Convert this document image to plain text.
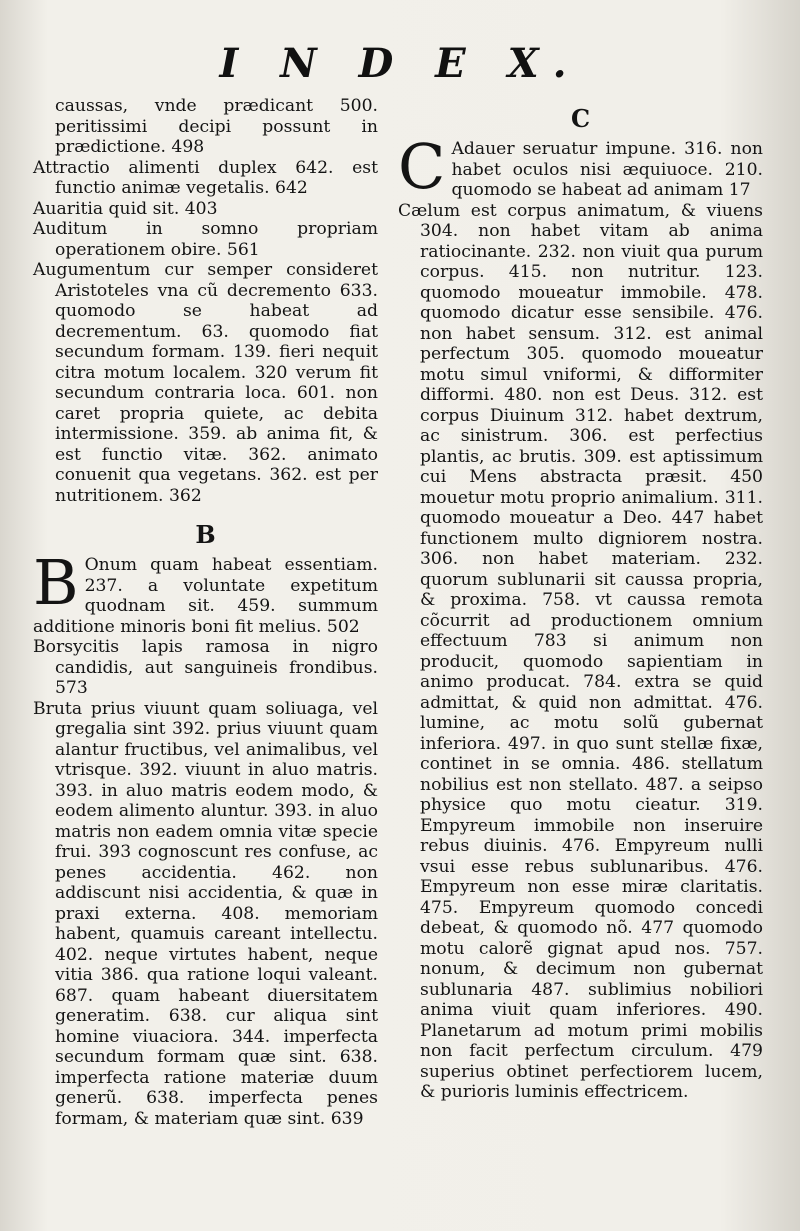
I N D E X.

caussas, vnde prædicant 500. peritissimi decipi possunt in prædictione. 498

Attractio alimenti duplex 642. est functio animæ vegetalis. 642

Auaritia quid sit. 403

Auditum in somno propriam operationem obire. 561

Augumentum cur semper consideret Aristoteles vna cũ decremento 633. quomodo se habeat ad decrementum. 63. quomodo fiat secundum formam. 139. fieri nequit citra motum localem. 320 verum fit secundum contraria loca. 601. non caret propria quiete, ac debita intermissione. 359. ab anima fit, & est functio vitæ. 362. animato conuenit qua vegetans. 362. est per nutritionem. 362

B

B Onum quam habeat essentiam. 237. a voluntate expetitum quodnam sit. 459. summum additione minoris boni fit melius. 502

Borsycitis lapis ramosa in nigro candidis, aut sanguineis frondibus. 573

Bruta prius viuunt quam soliuaga, vel gregalia sint 392. prius viuunt quam alantur fructibus, vel animalibus, vel vtrisque. 392. viuunt in aluo matris. 393. in aluo matris eodem modo, & eodem alimento aluntur. 393. in aluo matris non eadem omnia vitæ specie frui. 393 cognoscunt res confuse, ac penes accidentia. 462. non addiscunt nisi accidentia, & quæ in praxi externa. 408. memoriam habent, quamuis careant intellectu. 402. neque virtutes habent, neque vitia 386. qua ratione loqui valeant. 687. quam habeant diuersitatem generatim. 638. cur aliqua sint homine viuaciora. 344. imperfecta secundum formam quæ sint. 638. imperfecta ratione materiæ duum generũ. 638. imperfecta penes formam, & materiam quæ sint. 639

C

C Adauer seruatur impune. 316. non habet oculos nisi æquiuoce. 210. quomodo se habeat ad animam 17

Cælum est corpus animatum, & viuens 304. non habet vitam ab anima ratiocinante. 232. non viuit qua purum corpus. 415. non nutritur. 123. quomodo moueatur immobile. 478. quomodo dicatur esse sensibile. 476. non habet sensum. 312. est animal perfectum 305. quomodo moueatur motu simul vniformi, & difformiter difformi. 480. non est Deus. 312. est corpus Diuinum 312. habet dextrum, ac sinistrum. 306. est perfectius plantis, ac brutis. 309. est aptissimum cui Mens abstracta præsit. 450 mouetur motu proprio animalium. 311. quomodo moueatur a Deo. 447 habet functionem multo digniorem nostra. 306. non habet materiam. 232. quorum sublunarii sit caussa propria, & proxima. 758. vt caussa remota cõcurrit ad productionem omnium effectuum 783 si animum non producit, quomodo sapientiam in animo producat. 784. extra se quid admittat, & quid non admittat. 476. lumine, ac motu solũ gubernat inferiora. 497. in quo sunt stellæ fixæ, continet in se omnia. 486. stellatum nobilius est non stellato. 487. a seipso physice quo motu cieatur. 319. Empyreum immobile non inseruire rebus diuinis. 476. Empyreum nulli vsui esse rebus sublunaribus. 476. Empyreum non esse miræ claritatis. 475. Empyreum quomodo concedi debeat, & quomodo nõ. 477 quomodo motu calorẽ gignat apud nos. 757. nonum, & decimum non gubernat sublunaria 487. sublimius nobiliori anima viuit quam inferiores. 490. Planetarum ad motum primi mobilis non facit perfectum circulum. 479 superius obtinet perfectiorem lucem, & purioris luminis effectricem.
